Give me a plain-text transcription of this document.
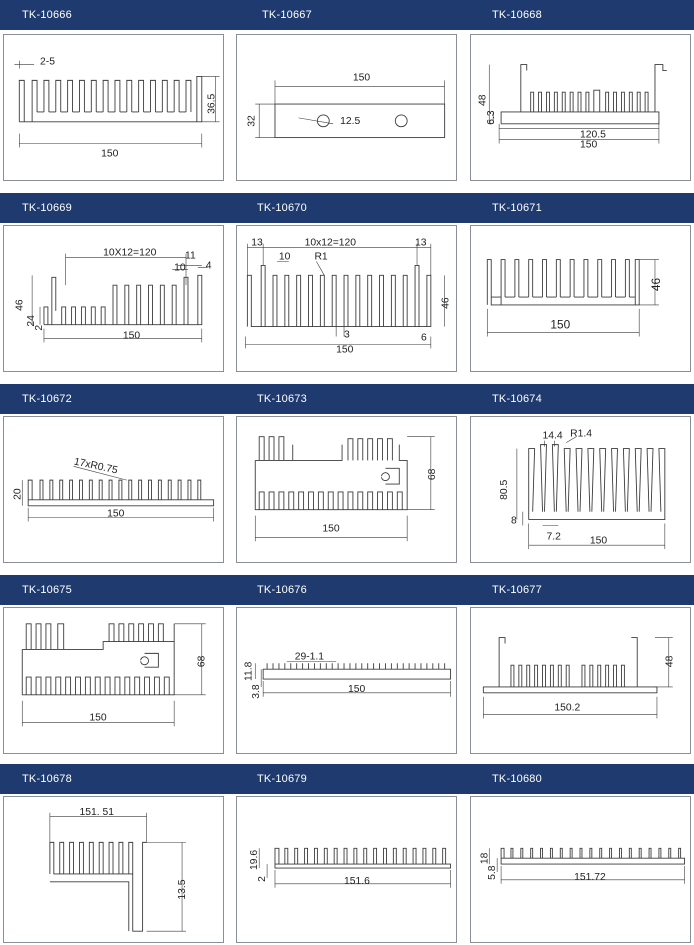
TK-10666	TK-10667	TK-10668
2-5
36.5
150
150
32	12.5
48
6.3
120.5
150
TK-10669	TK-10670	TK-10671
10X12=120	11
10 4
46
24
2
150
13	10x12=120	13
10 R1
46
3	6
150
46
150
TK-10672	TK-10673	TK-10674
17xR0.75
20
150
68
150
14.4 R1.4
80.5
8
7.2	150
TK-10675	TK-10676	TK-10677
68
150
29-1.1
11.8
3.8	150
48
150.2
TK-10678	TK-10679	TK-10680
151. 51
13.5
19.6
2	151.6
18
5.8	151.72
